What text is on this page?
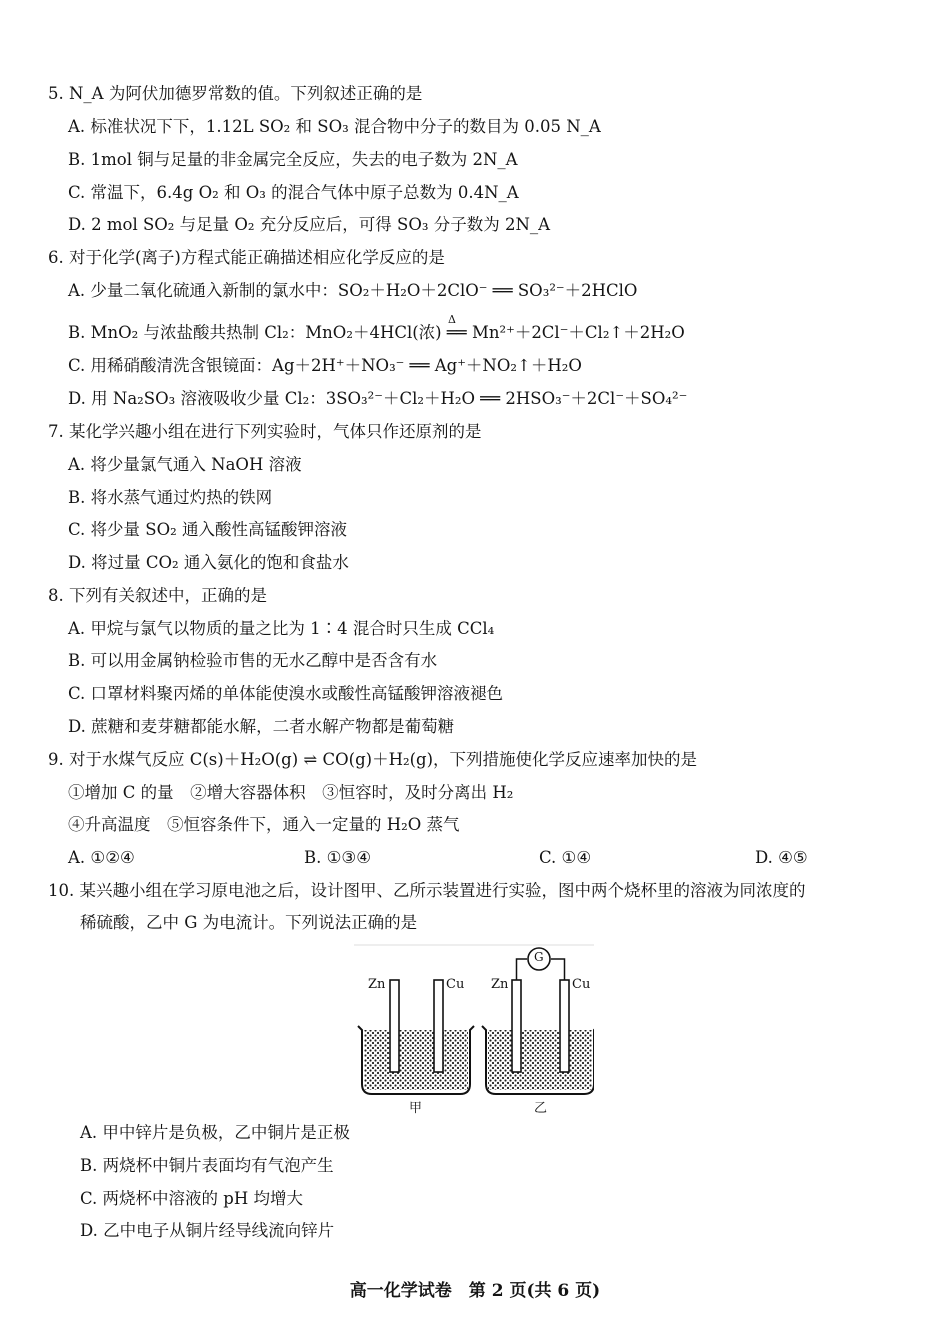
5. N_A 为阿伏加德罗常数的值。下列叙述正确的是
A. 标准状况下下，1.12L SO₂ 和 SO₃ 混合物中分子的数目为 0.05 N_A
B. 1mol 铜与足量的非金属完全反应，失去的电子数为 2N_A
C. 常温下，6.4g O₂ 和 O₃ 的混合气体中原子总数为 0.4N_A
D. 2 mol SO₂ 与足量 O₂ 充分反应后，可得 SO₃ 分子数为 2N_A
6. 对于化学(离子)方程式能正确描述相应化学反应的是
A. 少量二氧化硫通入新制的氯水中：SO₂＋H₂O＋2ClO⁻ ══ SO₃²⁻＋2HClO
Δ
B. MnO₂ 与浓盐酸共热制 Cl₂：MnO₂＋4HCl(浓) ══ Mn²⁺＋2Cl⁻＋Cl₂↑＋2H₂O
C. 用稀硝酸清洗含银镜面：Ag＋2H⁺＋NO₃⁻ ══ Ag⁺＋NO₂↑＋H₂O
D. 用 Na₂SO₃ 溶液吸收少量 Cl₂：3SO₃²⁻＋Cl₂＋H₂O ══ 2HSO₃⁻＋2Cl⁻＋SO₄²⁻
7. 某化学兴趣小组在进行下列实验时，气体只作还原剂的是
A. 将少量氯气通入 NaOH 溶液
B. 将水蒸气通过灼热的铁网
C. 将少量 SO₂ 通入酸性高锰酸钾溶液
D. 将过量 CO₂ 通入氨化的饱和食盐水
8. 下列有关叙述中，正确的是
A. 甲烷与氯气以物质的量之比为 1∶4 混合时只生成 CCl₄
B. 可以用金属钠检验市售的无水乙醇中是否含有水
C. 口罩材料聚丙烯的单体能使溴水或酸性高锰酸钾溶液褪色
D. 蔗糖和麦芽糖都能水解，二者水解产物都是葡萄糖
9. 对于水煤气反应 C(s)＋H₂O(g) ⇌ CO(g)＋H₂(g)，下列措施使化学反应速率加快的是
①增加 C 的量　②增大容器体积　③恒容时，及时分离出 H₂
④升高温度　⑤恒容条件下，通入一定量的 H₂O 蒸气
A. ①②④	B. ①③④	C. ①④	D. ④⑤
10. 某兴趣小组在学习原电池之后，设计图甲、乙所示装置进行实验，图中两个烧杯里的溶液为同浓度的
稀硫酸，乙中 G 为电流计。下列说法正确的是
Zn	Cu Zn	Cu
G
甲	乙
A. 甲中锌片是负极，乙中铜片是正极
B. 两烧杯中铜片表面均有气泡产生
C. 两烧杯中溶液的 pH 均增大
D. 乙中电子从铜片经导线流向锌片
高一化学试卷　第 2 页(共 6 页)
